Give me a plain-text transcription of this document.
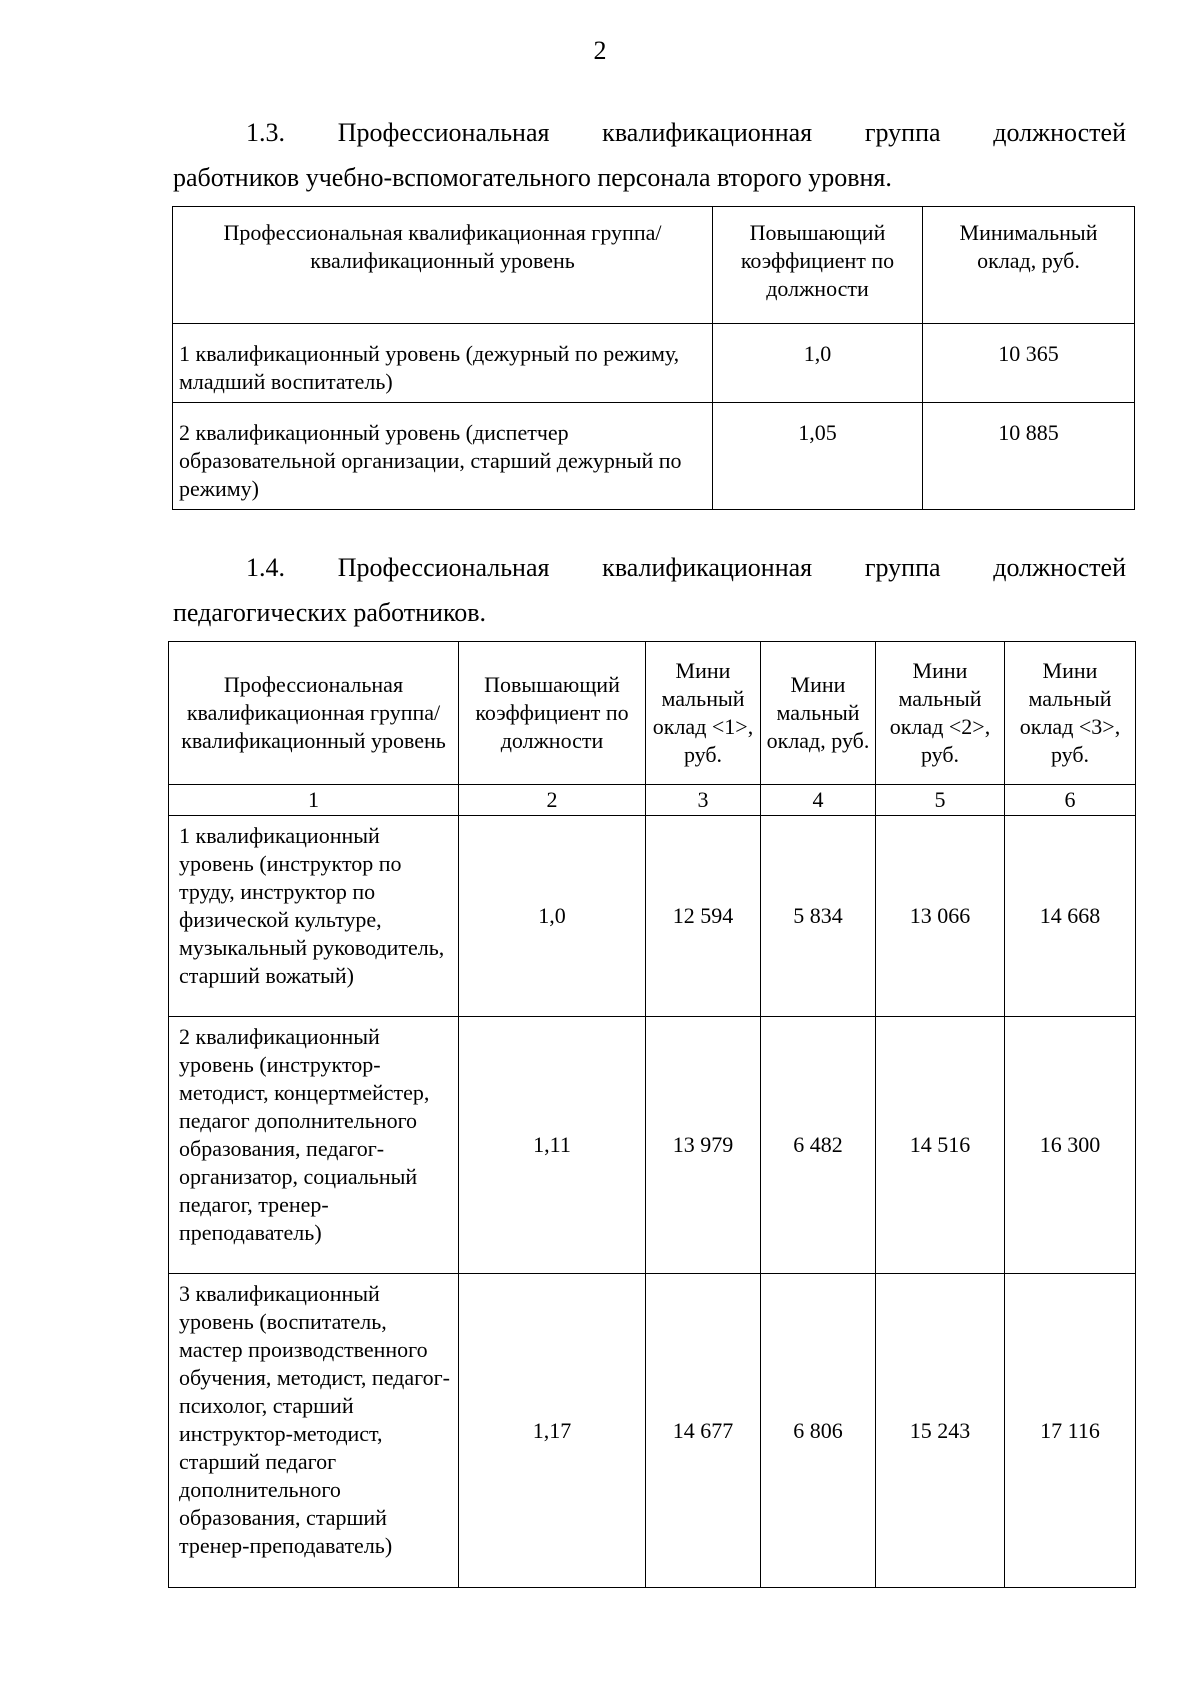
2
1.3. Профессиональная квалификационная группа должностей
работников учебно-вспомогательного персонала второго уровня.
Профессиональная квалификационная группа/квалификационный уровень	Повышающий коэффициент по должности	Минимальный оклад, руб.
1 квалификационный уровень (дежурный по режиму, младший воспитатель)	1,0	10 365
2 квалификационный уровень (диспетчер образовательной организации, старший дежурный по режиму)	1,05	10 885
1.4. Профессиональная квалификационная группа должностей
педагогических работников.
Профессиональная квалификационная группа/ квалификационный уровень	Повышающий коэффициент по должности	Мини мальный оклад <1>, руб.	Мини мальный оклад, руб.	Мини мальный оклад <2>, руб.	Мини мальный оклад <3>, руб.
1	2	3	4	5	6
1 квалификационный уровень (инструктор по труду, инструктор по физической культуре, музыкальный руководитель, старший вожатый)	1,0	12 594	5 834	13 066	14 668
2 квалификационный уровень (инструктор-методист, концертмейстер, педагог дополнительного образования, педагог-организатор, социальный педагог, тренер-преподаватель)	1,11	13 979	6 482	14 516	16 300
3 квалификационный уровень (воспитатель, мастер производственного обучения, методист, педагог-психолог, старший инструктор-методист, старший педагог дополнительного образования, старший тренер-преподаватель)	1,17	14 677	6 806	15 243	17 116
